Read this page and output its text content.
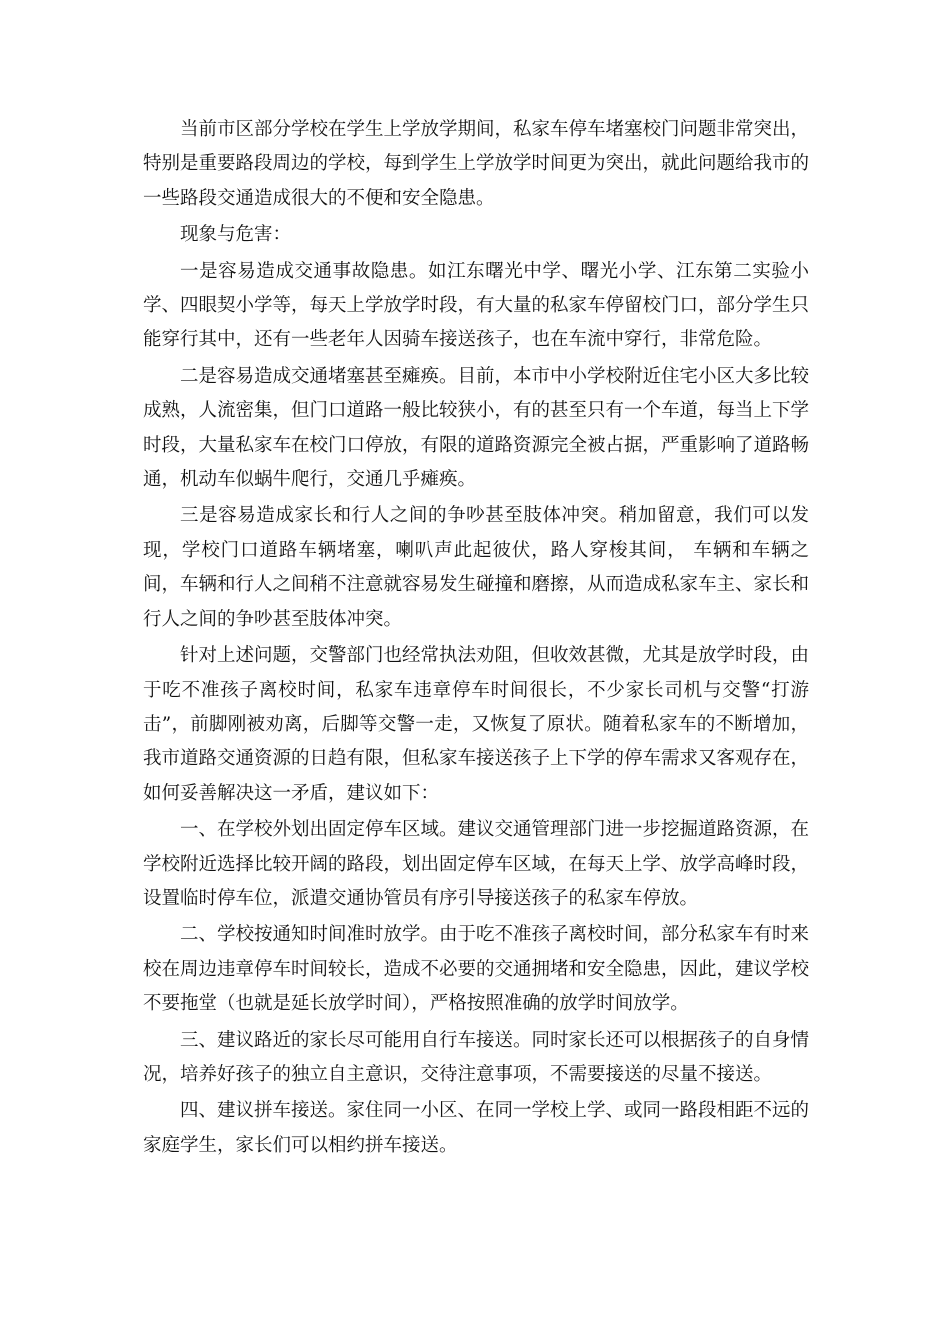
当前市区部分学校在学生上学放学期间，私家车停车堵塞校门问题非常突出，特别是重要路段周边的学校，每到学生上学放学时间更为突出，就此问题给我市的一些路段交通造成很大的不便和安全隐患。

现象与危害：

一是容易造成交通事故隐患。如江东曙光中学、曙光小学、江东第二实验小学、四眼契小学等，每天上学放学时段，有大量的私家车停留校门口，部分学生只能穿行其中，还有一些老年人因骑车接送孩子，也在车流中穿行，非常危险。

二是容易造成交通堵塞甚至瘫痪。目前，本市中小学校附近住宅小区大多比较成熟，人流密集，但门口道路一般比较狭小，有的甚至只有一个车道，每当上下学时段，大量私家车在校门口停放，有限的道路资源完全被占据，严重影响了道路畅通，机动车似蜗牛爬行，交通几乎瘫痪。

三是容易造成家长和行人之间的争吵甚至肢体冲突。稍加留意，我们可以发现，学校门口道路车辆堵塞，喇叭声此起彼伏，路人穿梭其间， 车辆和车辆之间，车辆和行人之间稍不注意就容易发生碰撞和磨擦，从而造成私家车主、家长和行人之间的争吵甚至肢体冲突。

针对上述问题，交警部门也经常执法劝阻，但收效甚微，尤其是放学时段，由于吃不准孩子离校时间，私家车违章停车时间很长，不少家长司机与交警“打游击”，前脚刚被劝离，后脚等交警一走，又恢复了原状。随着私家车的不断增加，我市道路交通资源的日趋有限，但私家车接送孩子上下学的停车需求又客观存在，如何妥善解决这一矛盾，建议如下：

一、在学校外划出固定停车区域。建议交通管理部门进一步挖掘道路资源，在学校附近选择比较开阔的路段，划出固定停车区域，在每天上学、放学高峰时段，设置临时停车位，派遣交通协管员有序引导接送孩子的私家车停放。

二、学校按通知时间准时放学。由于吃不准孩子离校时间，部分私家车有时来校在周边违章停车时间较长，造成不必要的交通拥堵和安全隐患，因此，建议学校不要拖堂（也就是延长放学时间），严格按照准确的放学时间放学。

三、建议路近的家长尽可能用自行车接送。同时家长还可以根据孩子的自身情况，培养好孩子的独立自主意识，交待注意事项，不需要接送的尽量不接送。

四、建议拼车接送。家住同一小区、在同一学校上学、或同一路段相距不远的家庭学生，家长们可以相约拼车接送。
